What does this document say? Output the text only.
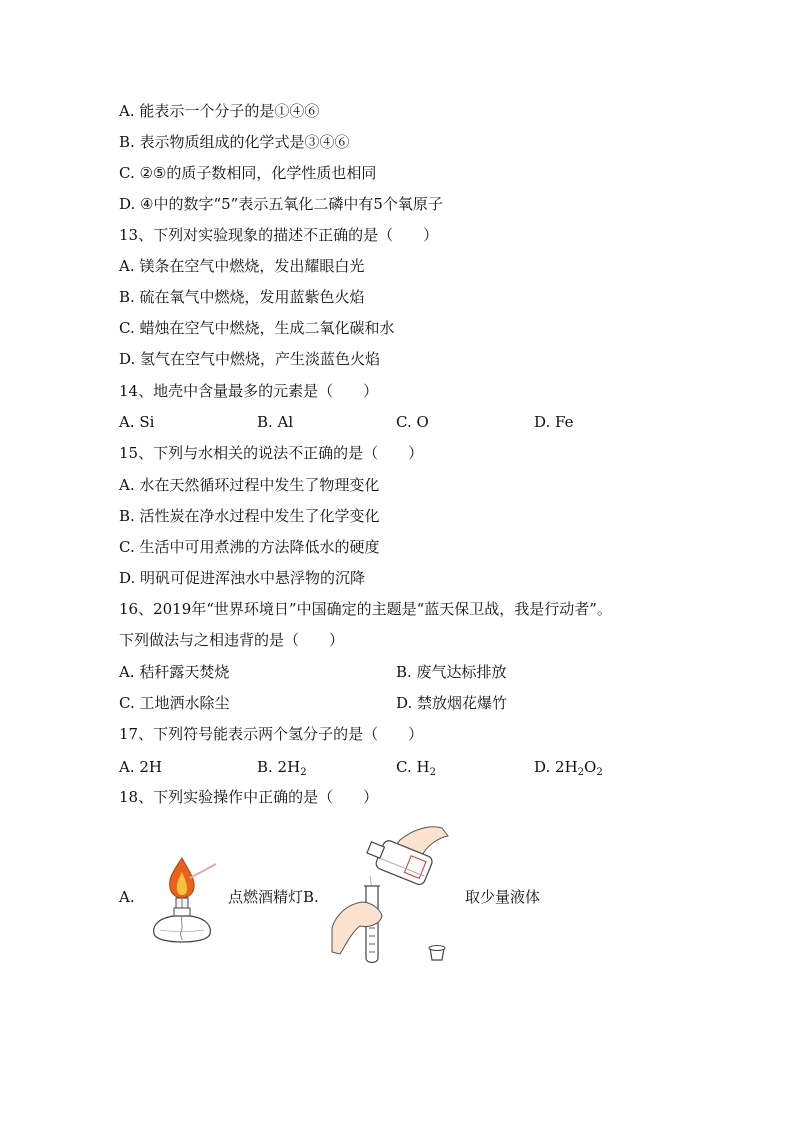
A. 能表示一个分子的是①④⑥
B. 表示物质组成的化学式是③④⑥
C. ②⑤的质子数相同，化学性质也相同
D. ④中的数字“5”表示五氧化二磷中有5个氧原子
13、下列对实验现象的描述不正确的是（　　）
A. 镁条在空气中燃烧，发出耀眼白光
B. 硫在氧气中燃烧，发用蓝紫色火焰
C. 蜡烛在空气中燃烧，生成二氧化碳和水
D. 氢气在空气中燃烧，产生淡蓝色火焰
14、地壳中含量最多的元素是（　　）
A. Si	B. Al	C. O	D. Fe
15、下列与水相关的说法不正确的是（　　）
A. 水在天然循环过程中发生了物理变化
B. 活性炭在净水过程中发生了化学变化
C. 生活中可用煮沸的方法降低水的硬度
D. 明矾可促进浑浊水中悬浮物的沉降
16、2019年“世界环境日”中国确定的主题是“蓝天保卫战，我是行动者”。
下列做法与之相违背的是（　　）
A. 秸秆露天焚烧	B. 废气达标排放
C. 工地洒水除尘	D. 禁放烟花爆竹
17、下列符号能表示两个氢分子的是（　　）
A. 2H	B. $2H_2$	C. $H_2$	D. $2H_2O_2$
18、下列实验操作中正确的是（　　）
A.	点燃酒精灯B.	取少量液体
